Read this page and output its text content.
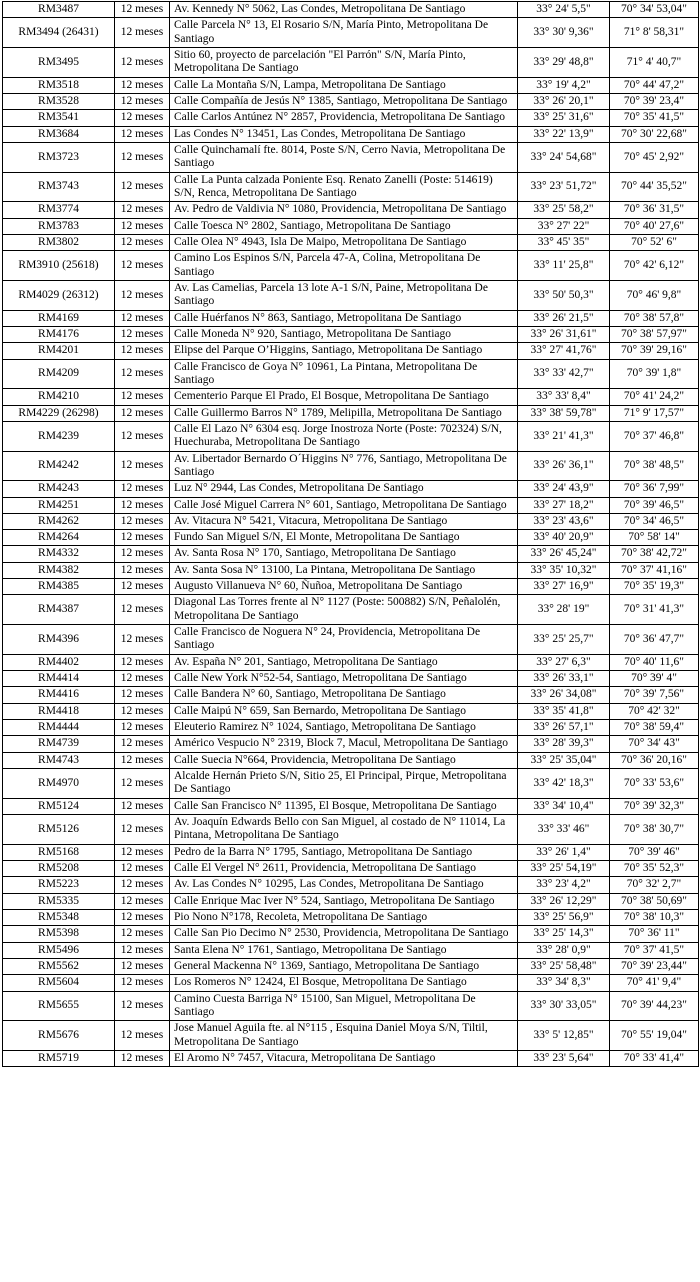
RM3487	12 meses	Av. Kennedy N° 5062, Las Condes, Metropolitana De Santiago	33° 24' 5,5"	70° 34' 53,04"
RM3494 (26431)	12 meses	Calle Parcela N° 13, El Rosario S/N, María Pinto, Metropolitana De Santiago	33° 30' 9,36"	71° 8' 58,31"
RM3495	12 meses	Sitio 60, proyecto de parcelación "El Parrón" S/N, María Pinto, Metropolitana De Santiago	33° 29' 48,8"	71° 4' 40,7"
RM3518	12 meses	Calle La Montaña S/N, Lampa, Metropolitana De Santiago	33° 19' 4,2"	70° 44' 47,2"
RM3528	12 meses	Calle Compañía de Jesús N° 1385, Santiago, Metropolitana De Santiago	33° 26' 20,1"	70° 39' 23,4"
RM3541	12 meses	Calle Carlos Antúnez N° 2857, Providencia, Metropolitana De Santiago	33° 25' 31,6"	70° 35' 41,5"
RM3684	12 meses	Las Condes N° 13451, Las Condes, Metropolitana De Santiago	33° 22' 13,9"	70° 30' 22,68"
RM3723	12 meses	Calle Quinchamalí fte. 8014, Poste S/N, Cerro Navia, Metropolitana De Santiago	33° 24' 54,68"	70° 45' 2,92"
RM3743	12 meses	Calle La Punta calzada Poniente Esq. Renato Zanelli (Poste: 514619) S/N, Renca, Metropolitana De Santiago	33° 23' 51,72"	70° 44' 35,52"
RM3774	12 meses	Av. Pedro de Valdivia N° 1080, Providencia, Metropolitana De Santiago	33° 25' 58,2"	70° 36' 31,5"
RM3783	12 meses	Calle Toesca N° 2802, Santiago, Metropolitana De Santiago	33° 27' 22"	70° 40' 27,6"
RM3802	12 meses	Calle Olea N° 4943, Isla De Maipo, Metropolitana De Santiago	33° 45' 35"	70° 52' 6"
RM3910 (25618)	12 meses	Camino Los Espinos S/N, Parcela 47-A, Colina, Metropolitana De Santiago	33° 11' 25,8"	70° 42' 6,12"
RM4029 (26312)	12 meses	Av. Las Camelias, Parcela 13 lote A-1 S/N, Paine, Metropolitana De Santiago	33° 50' 50,3"	70° 46' 9,8"
RM4169	12 meses	Calle Huérfanos N° 863, Santiago, Metropolitana De Santiago	33° 26' 21,5"	70° 38' 57,8"
RM4176	12 meses	Calle Moneda N° 920, Santiago, Metropolitana De Santiago	33° 26' 31,61"	70° 38' 57,97"
RM4201	12 meses	Elipse del Parque O’Higgins, Santiago, Metropolitana De Santiago	33° 27' 41,76"	70° 39' 29,16"
RM4209	12 meses	Calle Francisco de Goya N° 10961, La Pintana, Metropolitana De Santiago	33° 33' 42,7"	70° 39' 1,8"
RM4210	12 meses	Cementerio Parque El Prado, El Bosque, Metropolitana De Santiago	33° 33' 8,4"	70° 41' 24,2"
RM4229 (26298)	12 meses	Calle Guillermo Barros N° 1789, Melipilla, Metropolitana De Santiago	33° 38' 59,78"	71° 9' 17,57"
RM4239	12 meses	Calle El Lazo N° 6304 esq. Jorge Inostroza Norte (Poste: 702324) S/N, Huechuraba, Metropolitana De Santiago	33° 21' 41,3"	70° 37' 46,8"
RM4242	12 meses	Av. Libertador Bernardo O´Higgins N° 776, Santiago, Metropolitana De Santiago	33° 26' 36,1"	70° 38' 48,5"
RM4243	12 meses	Luz N° 2944, Las Condes, Metropolitana De Santiago	33° 24' 43,9"	70° 36' 7,99"
RM4251	12 meses	Calle José Miguel Carrera N° 601, Santiago, Metropolitana De Santiago	33° 27' 18,2"	70° 39' 46,5"
RM4262	12 meses	Av. Vitacura N° 5421, Vitacura, Metropolitana De Santiago	33° 23' 43,6"	70° 34' 46,5"
RM4264	12 meses	Fundo San Miguel S/N, El Monte, Metropolitana De Santiago	33° 40' 20,9"	70° 58' 14"
RM4332	12 meses	Av. Santa Rosa N° 170, Santiago, Metropolitana De Santiago	33° 26' 45,24"	70° 38' 42,72"
RM4382	12 meses	Av. Santa Sosa N° 13100, La Pintana, Metropolitana De Santiago	33° 35' 10,32"	70° 37' 41,16"
RM4385	12 meses	Augusto Villanueva N° 60, Ñuñoa, Metropolitana De Santiago	33° 27' 16,9"	70° 35' 19,3"
RM4387	12 meses	Diagonal Las Torres frente al N° 1127 (Poste: 500882) S/N, Peñalolén, Metropolitana De Santiago	33° 28' 19"	70° 31' 41,3"
RM4396	12 meses	Calle Francisco de Noguera N° 24, Providencia, Metropolitana De Santiago	33° 25' 25,7"	70° 36' 47,7"
RM4402	12 meses	Av. España N° 201, Santiago, Metropolitana De Santiago	33° 27' 6,3"	70° 40' 11,6"
RM4414	12 meses	Calle New York N°52-54, Santiago, Metropolitana De Santiago	33° 26' 33,1"	70° 39' 4"
RM4416	12 meses	Calle Bandera N° 60, Santiago, Metropolitana De Santiago	33° 26' 34,08"	70° 39' 7,56"
RM4418	12 meses	Calle Maipú N° 659, San Bernardo, Metropolitana De Santiago	33° 35' 41,8"	70° 42' 32"
RM4444	12 meses	Eleuterio Ramirez N° 1024, Santiago, Metropolitana De Santiago	33° 26' 57,1"	70° 38' 59,4"
RM4739	12 meses	Américo Vespucio N° 2319, Block 7, Macul, Metropolitana De Santiago	33° 28' 39,3"	70° 34' 43"
RM4743	12 meses	Calle Suecia N°664, Providencia, Metropolitana De Santiago	33° 25' 35,04"	70° 36' 20,16"
RM4970	12 meses	Alcalde Hernán Prieto S/N, Sitio 25, El Principal, Pirque, Metropolitana De Santiago	33° 42' 18,3"	70° 33' 53,6"
RM5124	12 meses	Calle San Francisco N° 11395, El Bosque, Metropolitana De Santiago	33° 34' 10,4"	70° 39' 32,3"
RM5126	12 meses	Av. Joaquín Edwards Bello con San Miguel, al costado de N° 11014, La Pintana, Metropolitana De Santiago	33° 33' 46"	70° 38' 30,7"
RM5168	12 meses	Pedro de la Barra N° 1795, Santiago, Metropolitana De Santiago	33° 26' 1,4"	70° 39' 46"
RM5208	12 meses	Calle El Vergel N° 2611, Providencia, Metropolitana De Santiago	33° 25' 54,19"	70° 35' 52,3"
RM5223	12 meses	Av. Las Condes N° 10295, Las Condes, Metropolitana De Santiago	33° 23' 4,2"	70° 32' 2,7"
RM5335	12 meses	Calle Enrique Mac Iver N° 524, Santiago, Metropolitana De Santiago	33° 26' 12,29"	70° 38' 50,69"
RM5348	12 meses	Pio Nono N°178, Recoleta, Metropolitana De Santiago	33° 25' 56,9"	70° 38' 10,3"
RM5398	12 meses	Calle San Pio Decimo N° 2530, Providencia, Metropolitana De Santiago	33° 25' 14,3"	70° 36' 11"
RM5496	12 meses	Santa Elena N° 1761, Santiago, Metropolitana De Santiago	33° 28' 0,9"	70° 37' 41,5"
RM5562	12 meses	General Mackenna N° 1369, Santiago, Metropolitana De Santiago	33° 25' 58,48"	70° 39' 23,44"
RM5604	12 meses	Los Romeros N° 12424, El Bosque, Metropolitana De Santiago	33° 34' 8,3"	70° 41' 9,4"
RM5655	12 meses	Camino Cuesta Barriga N° 15100, San Miguel, Metropolitana De Santiago	33° 30' 33,05"	70° 39' 44,23"
RM5676	12 meses	Jose Manuel Aguila fte. al N°115 , Esquina Daniel Moya S/N, Tiltil, Metropolitana De Santiago	33° 5' 12,85"	70° 55' 19,04"
RM5719	12 meses	El Aromo N° 7457, Vitacura, Metropolitana De Santiago	33° 23' 5,64"	70° 33' 41,4"
